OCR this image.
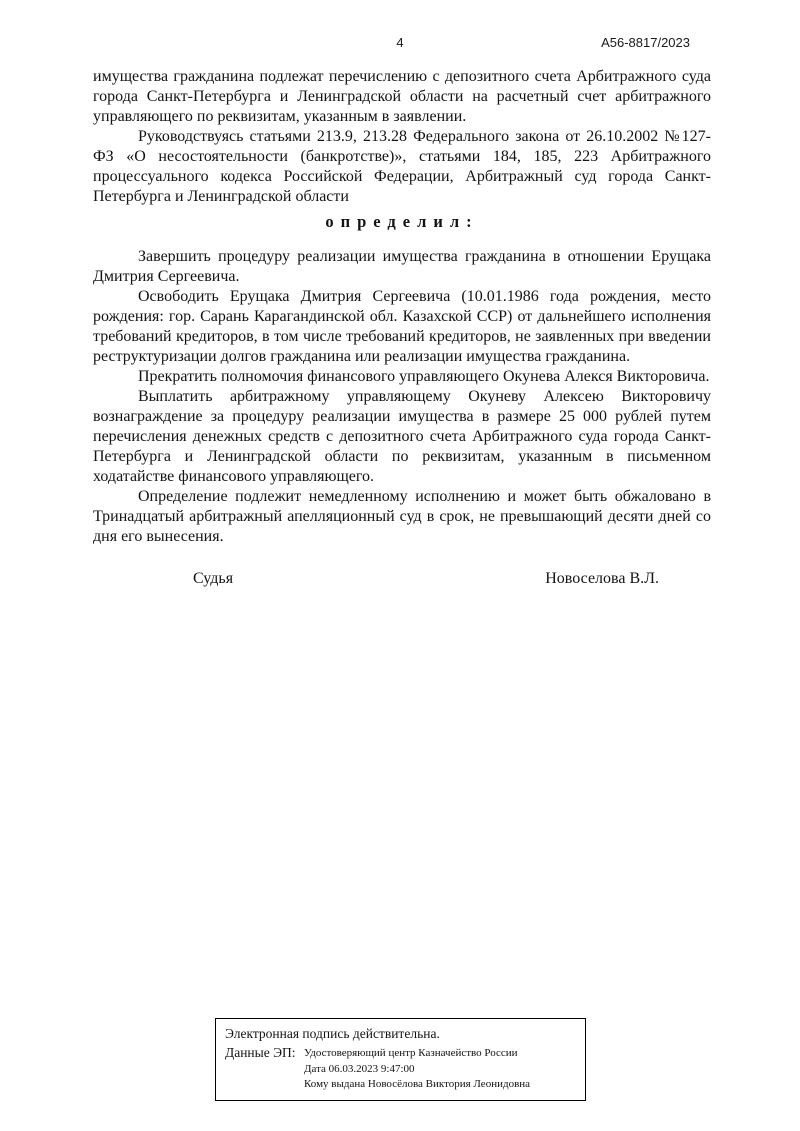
4	А56-8817/2023

имущества гражданина подлежат перечислению с депозитного счета Арбитражного суда города Санкт-Петербурга и Ленинградской области на расчетный счет арбитражного управляющего по реквизитам, указанным в заявлении.

Руководствуясь статьями 213.9, 213.28 Федерального закона от 26.10.2002 №127-ФЗ «О несостоятельности (банкротстве)», статьями 184, 185, 223 Арбитражного процессуального кодекса Российской Федерации, Арбитражный суд города Санкт-Петербурга и Ленинградской области

определил:

Завершить процедуру реализации имущества гражданина в отношении Ерущака Дмитрия Сергеевича.

Освободить Ерущака Дмитрия Сергеевича (10.01.1986 года рождения, место рождения: гор. Сарань Карагандинской обл. Казахской ССР) от дальнейшего исполнения требований кредиторов, в том числе требований кредиторов, не заявленных при введении реструктуризации долгов гражданина или реализации имущества гражданина.

Прекратить полномочия финансового управляющего Окунева Алекся Викторовича.

Выплатить арбитражному управляющему Окуневу Алексею Викторовичу вознаграждение за процедуру реализации имущества в размере 25 000 рублей путем перечисления денежных средств с депозитного счета Арбитражного суда города Санкт-Петербурга и Ленинградской области по реквизитам, указанным в письменном ходатайстве финансового управляющего.

Определение подлежит немедленному исполнению и может быть обжаловано в Тринадцатый арбитражный апелляционный суд в срок, не превышающий десяти дней со дня его вынесения.

Судья	Новоселова В.Л.
Электронная подпись действительна.
Данные ЭП: Удостоверяющий центр Казначейство России
Дата 06.03.2023 9:47:00
Кому выдана Новосёлова Виктория Леонидовна
